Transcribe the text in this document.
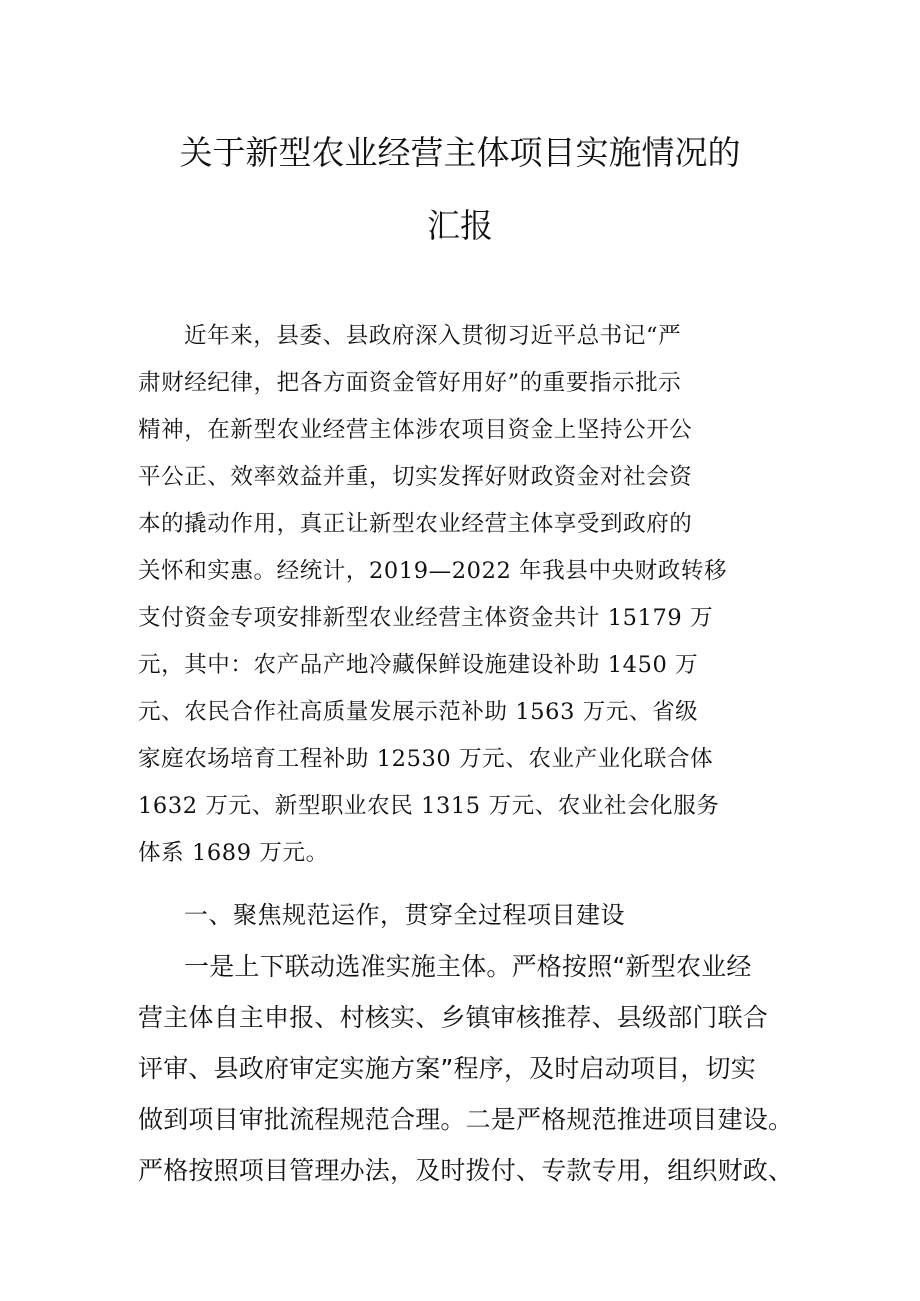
关于新型农业经营主体项目实施情况的
汇报
近年来，县委、县政府深入贯彻习近平总书记“严
肃财经纪律，把各方面资金管好用好”的重要指示批示
精神，在新型农业经营主体涉农项目资金上坚持公开公
平公正、效率效益并重，切实发挥好财政资金对社会资
本的撬动作用，真正让新型农业经营主体享受到政府的
关怀和实惠。经统计，2019—2022 年我县中央财政转移
支付资金专项安排新型农业经营主体资金共计 15179 万
元，其中：农产品产地冷藏保鲜设施建设补助 1450 万
元、农民合作社高质量发展示范补助 1563 万元、省级
家庭农场培育工程补助 12530 万元、农业产业化联合体
1632 万元、新型职业农民 1315 万元、农业社会化服务
体系 1689 万元。
一、聚焦规范运作，贯穿全过程项目建设
一是上下联动选准实施主体。严格按照“新型农业经
营主体自主申报、村核实、乡镇审核推荐、县级部门联合
评审、县政府审定实施方案”程序，及时启动项目，切实
做到项目审批流程规范合理。二是严格规范推进项目建设。
严格按照项目管理办法，及时拨付、专款专用，组织财政、
